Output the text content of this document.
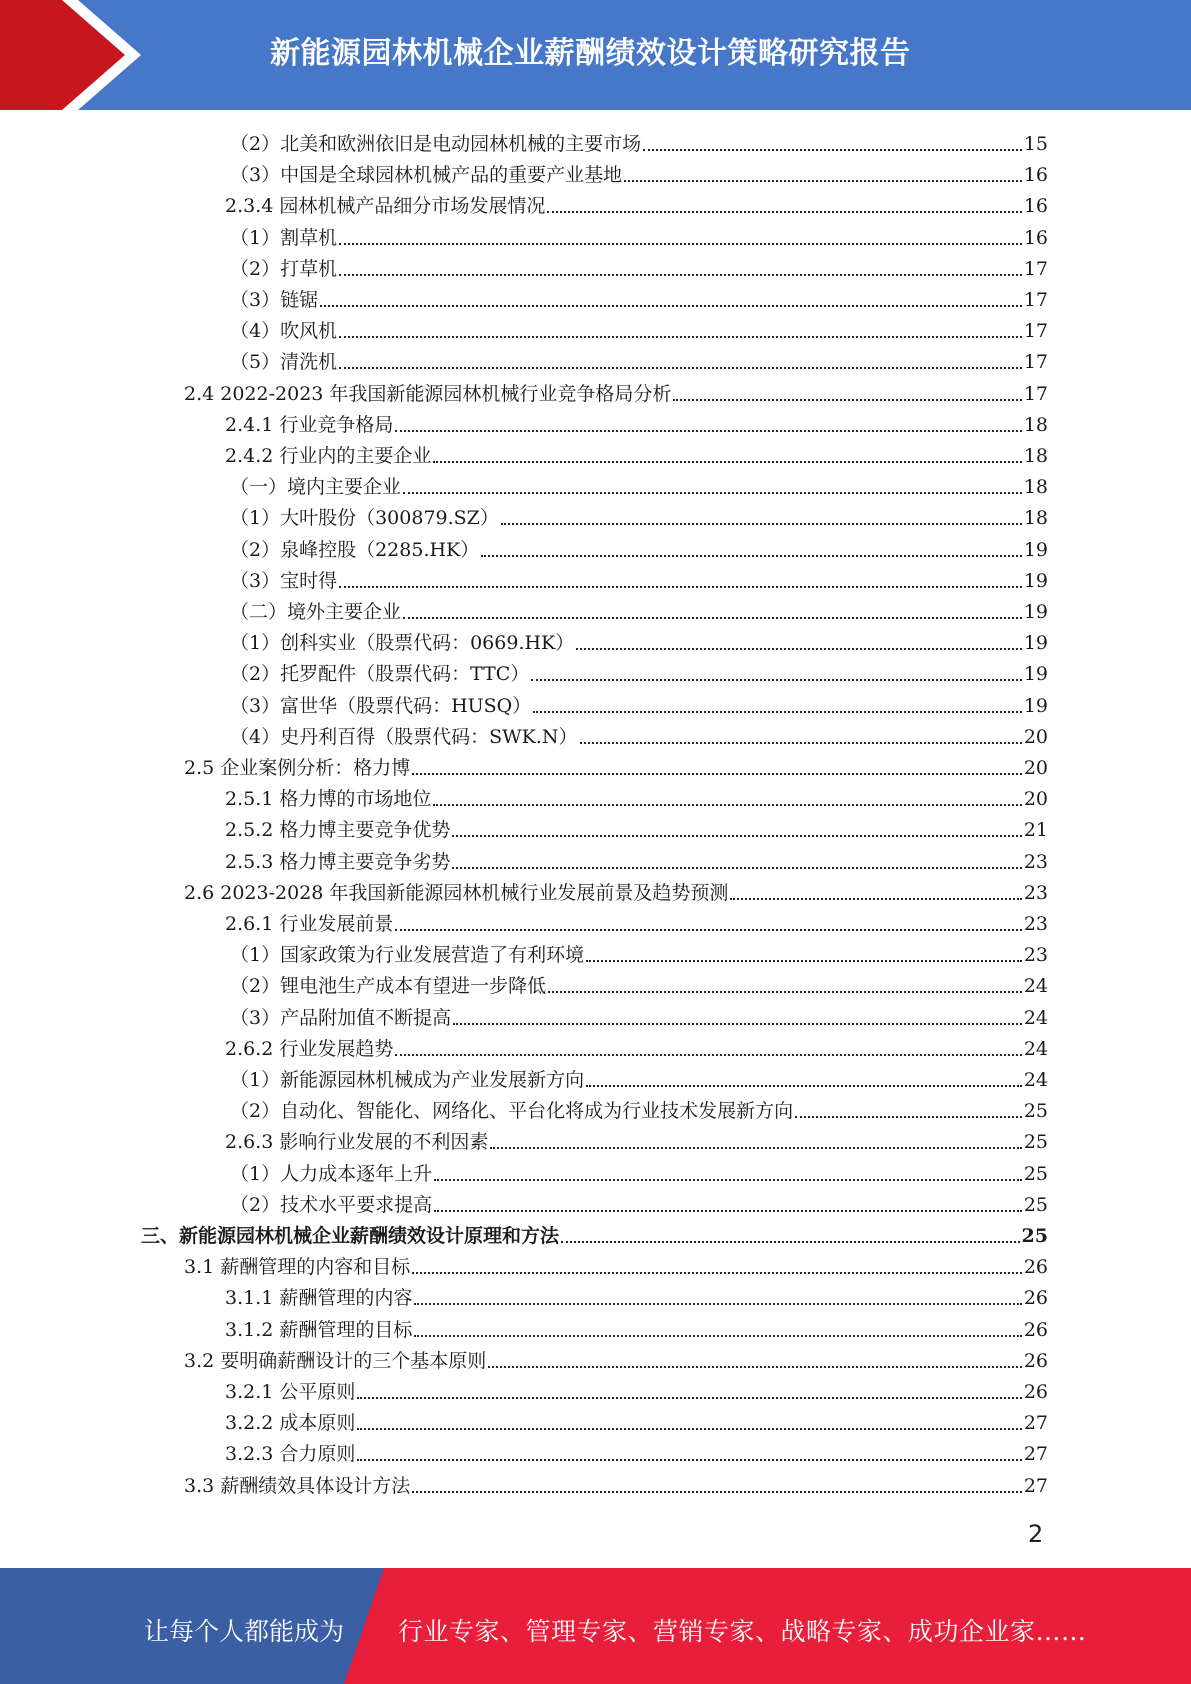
新能源园林机械企业薪酬绩效设计策略研究报告
（2）北美和欧洲依旧是电动园林机械的主要市场	15
（3）中国是全球园林机械产品的重要产业基地	16
2.3.4 园林机械产品细分市场发展情况	16
（1）割草机	16
（2）打草机	17
（3）链锯	17
（4）吹风机	17
（5）清洗机	17
2.4 2022-2023 年我国新能源园林机械行业竞争格局分析	17
2.4.1 行业竞争格局	18
2.4.2 行业内的主要企业	18
（一）境内主要企业	18
（1）大叶股份（300879.SZ）	18
（2）泉峰控股（2285.HK）	19
（3）宝时得	19
（二）境外主要企业	19
（1）创科实业（股票代码：0669.HK）	19
（2）托罗配件（股票代码：TTC）	19
（3）富世华（股票代码：HUSQ）	19
（4）史丹利百得（股票代码：SWK.N）	20
2.5 企业案例分析：格力博	20
2.5.1 格力博的市场地位	20
2.5.2 格力博主要竞争优势	21
2.5.3 格力博主要竞争劣势	23
2.6 2023-2028 年我国新能源园林机械行业发展前景及趋势预测	23
2.6.1 行业发展前景	23
（1）国家政策为行业发展营造了有利环境	23
（2）锂电池生产成本有望进一步降低	24
（3）产品附加值不断提高	24
2.6.2 行业发展趋势	24
（1）新能源园林机械成为产业发展新方向	24
（2）自动化、智能化、网络化、平台化将成为行业技术发展新方向	25
2.6.3 影响行业发展的不利因素	25
（1）人力成本逐年上升	25
（2）技术水平要求提高	25
三、新能源园林机械企业薪酬绩效设计原理和方法	25
3.1 薪酬管理的内容和目标	26
3.1.1 薪酬管理的内容	26
3.1.2 薪酬管理的目标	26
3.2 要明确薪酬设计的三个基本原则	26
3.2.1 公平原则	26
3.2.2 成本原则	27
3.2.3 合力原则	27
3.3 薪酬绩效具体设计方法	27
2
让每个人都能成为 行业专家、管理专家、营销专家、战略专家、成功企业家……
